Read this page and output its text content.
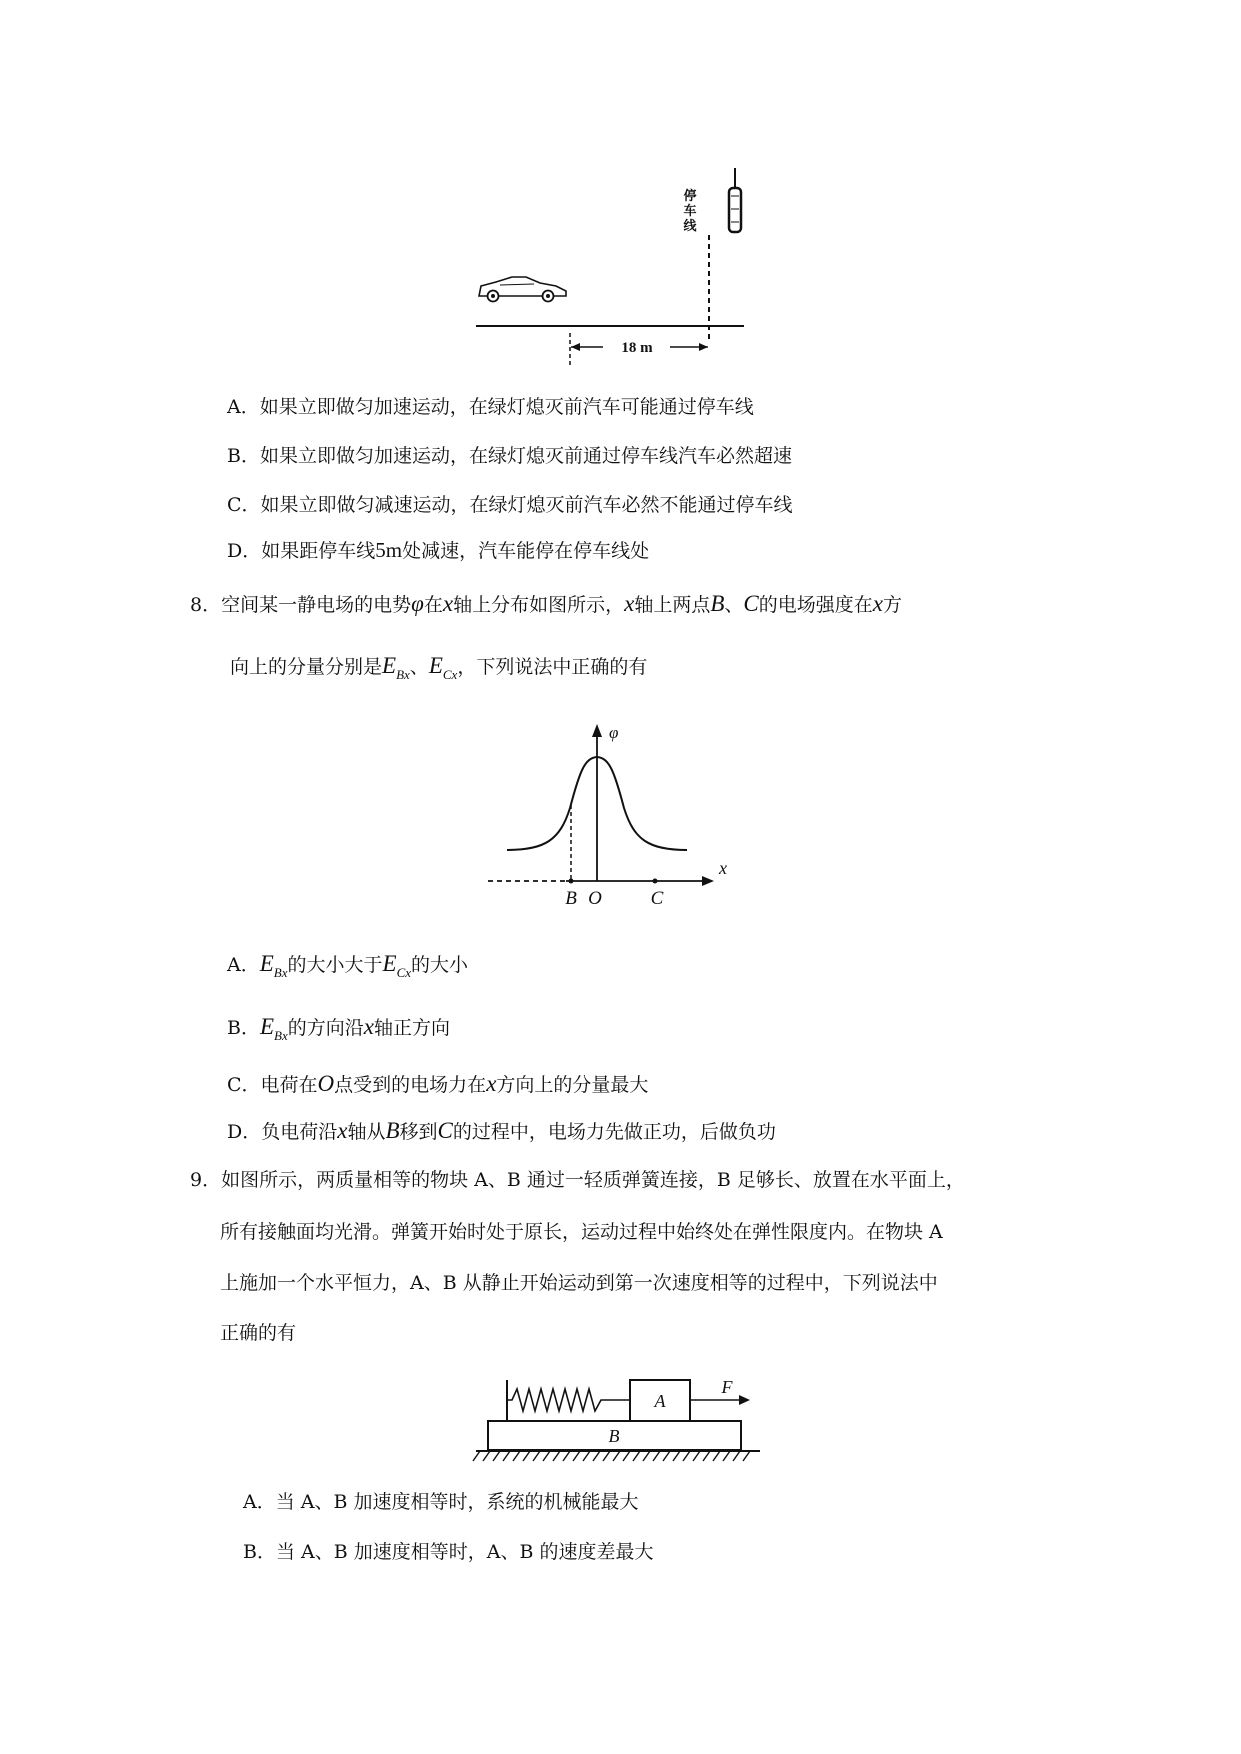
停车线
18 m
A．如果立即做匀加速运动，在绿灯熄灭前汽车可能通过停车线
B．如果立即做匀加速运动，在绿灯熄灭前通过停车线汽车必然超速
C．如果立即做匀减速运动，在绿灯熄灭前汽车必然不能通过停车线
D．如果距停车线5m处减速，汽车能停在停车线处
8．空间某一静电场的电势φ在x轴上分布如图所示，x轴上两点B、C的电场强度在x方
向上的分量分别是$E_{Bx}$、$E_{Cx}$，下列说法中正确的有
φ
x
B O	C
A．$E_{Bx}$的大小大于$E_{Cx}$的大小
B．$E_{Bx}$的方向沿x轴正方向
C．电荷在O点受到的电场力在x方向上的分量最大
D．负电荷沿x轴从B移到C的过程中，电场力先做正功，后做负功
9．如图所示，两质量相等的物块 A、B 通过一轻质弹簧连接，B 足够长、放置在水平面上，
所有接触面均光滑。弹簧开始时处于原长，运动过程中始终处在弹性限度内。在物块 A
上施加一个水平恒力，A、B 从静止开始运动到第一次速度相等的过程中，下列说法中
正确的有
A
B
F
A．当 A、B 加速度相等时，系统的机械能最大
B．当 A、B 加速度相等时，A、B 的速度差最大
